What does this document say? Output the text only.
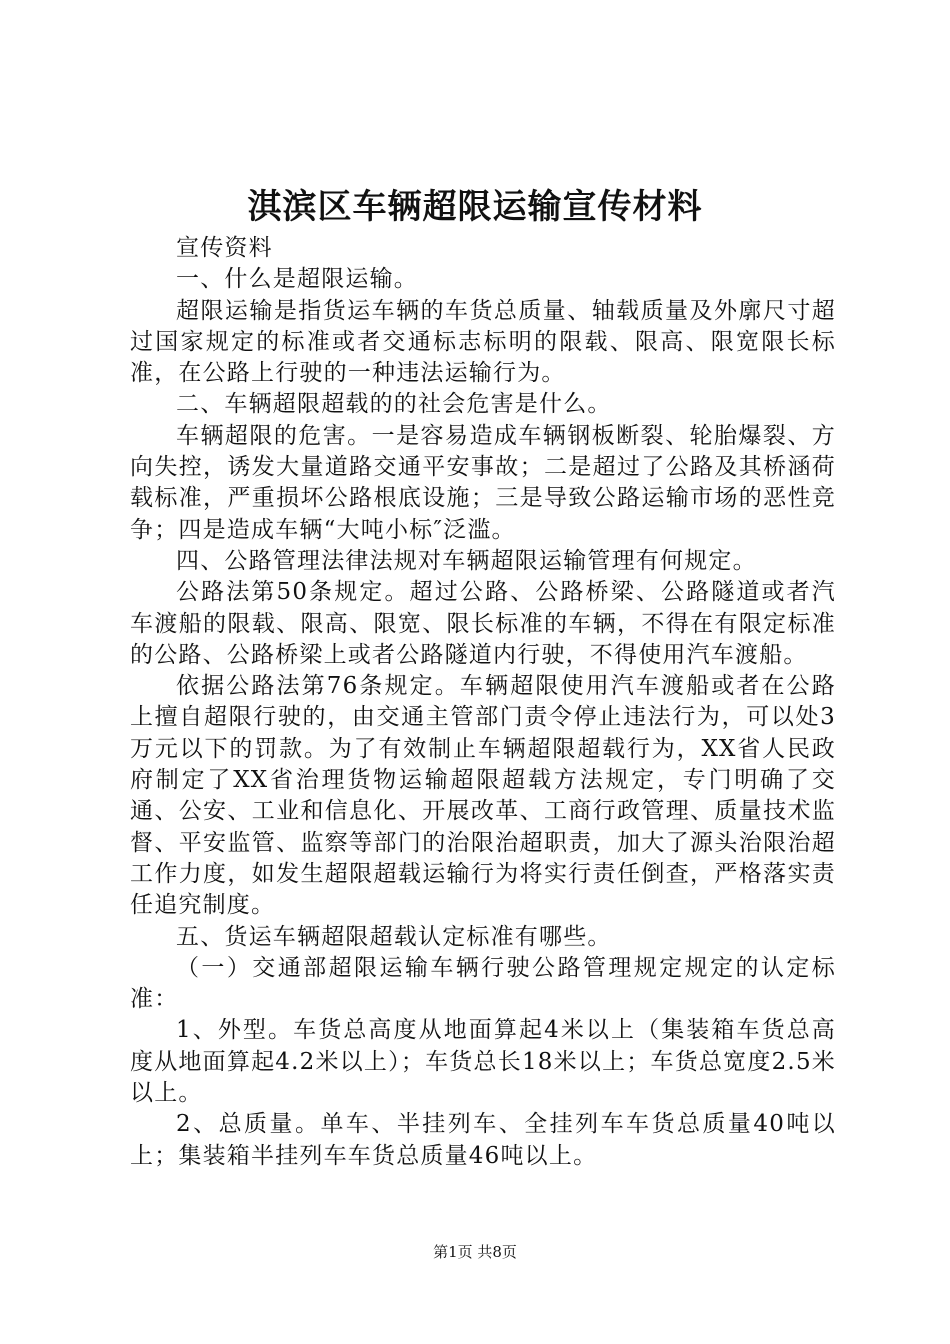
淇滨区车辆超限运输宣传材料

宣传资料

一、什么是超限运输。

超限运输是指货运车辆的车货总质量、轴载质量及外廓尺寸超过国家规定的标准或者交通标志标明的限载、限高、限宽限长标准，在公路上行驶的一种违法运输行为。

二、车辆超限超载的的社会危害是什么。

车辆超限的危害。一是容易造成车辆钢板断裂、轮胎爆裂、方向失控，诱发大量道路交通平安事故；二是超过了公路及其桥涵荷载标准，严重损坏公路根底设施；三是导致公路运输市场的恶性竞争；四是造成车辆“大吨小标″泛滥。

四、公路管理法律法规对车辆超限运输管理有何规定。

公路法第50条规定。超过公路、公路桥梁、公路隧道或者汽车渡船的限载、限高、限宽、限长标准的车辆，不得在有限定标准的公路、公路桥梁上或者公路隧道内行驶，不得使用汽车渡船。

依据公路法第76条规定。车辆超限使用汽车渡船或者在公路上擅自超限行驶的，由交通主管部门责令停止违法行为，可以处3万元以下的罚款。为了有效制止车辆超限超载行为，XX省人民政府制定了XX省治理货物运输超限超载方法规定，专门明确了交通、公安、工业和信息化、开展改革、工商行政管理、质量技术监督、平安监管、监察等部门的治限治超职责，加大了源头治限治超工作力度，如发生超限超载运输行为将实行责任倒查，严格落实责任追究制度。

五、货运车辆超限超载认定标准有哪些。

（一）交通部超限运输车辆行驶公路管理规定规定的认定标准：

1、外型。车货总高度从地面算起4米以上（集装箱车货总高度从地面算起4.2米以上）；车货总长18米以上；车货总宽度2.5米以上。

2、总质量。单车、半挂列车、全挂列车车货总质量40吨以上；集装箱半挂列车车货总质量46吨以上。

第1页 共8页
